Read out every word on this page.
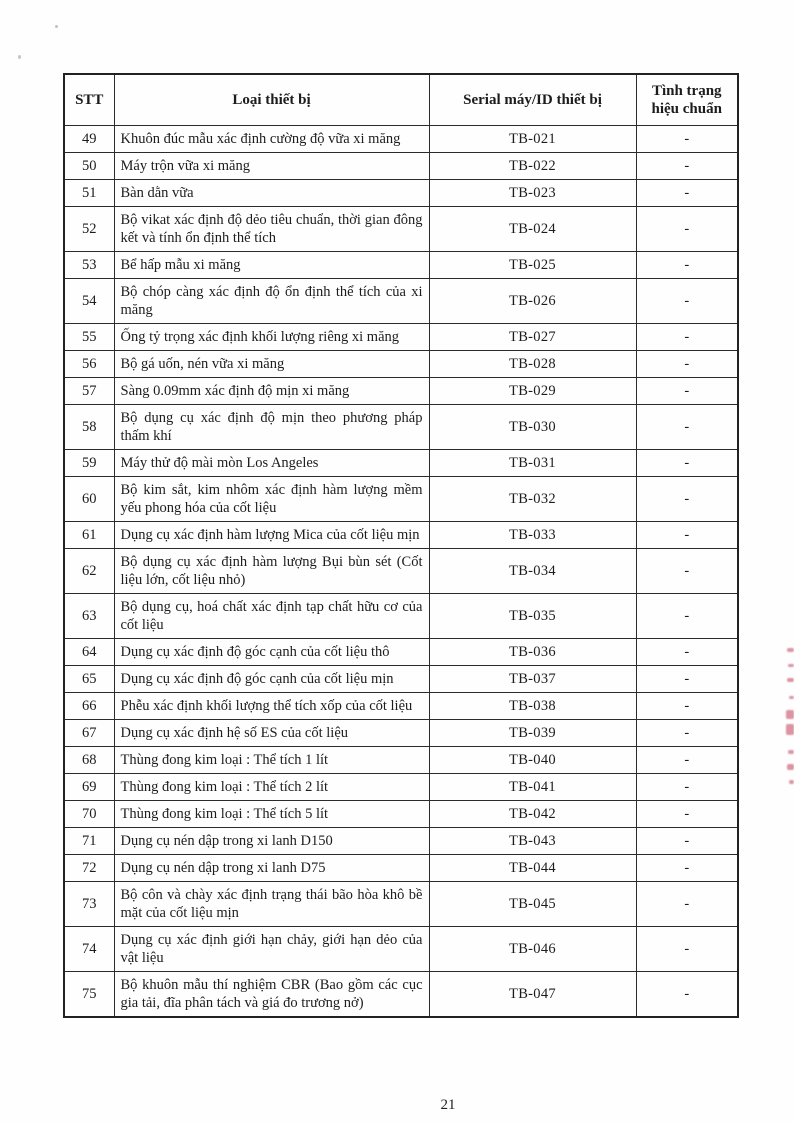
STT	Loại thiết bị	Serial máy/ID thiết bị	Tình trạng hiệu chuẩn
49	Khuôn đúc mẫu xác định cường độ vữa xi măng	TB-021	-
50	Máy trộn vữa xi măng	TB-022	-
51	Bàn dằn vữa	TB-023	-
52	Bộ vikat xác định độ dẻo tiêu chuẩn, thời gian đông kết và tính ổn định thể tích	TB-024	-
53	Bể hấp mẫu xi măng	TB-025	-
54	Bộ chóp càng xác định độ ổn định thể tích của xi măng	TB-026	-
55	Ống tỷ trọng xác định khối lượng riêng xi măng	TB-027	-
56	Bộ gá uốn, nén vữa xi măng	TB-028	-
57	Sàng 0.09mm xác định độ mịn xi măng	TB-029	-
58	Bộ dụng cụ xác định độ mịn theo phương pháp thấm khí	TB-030	-
59	Máy thử độ mài mòn Los Angeles	TB-031	-
60	Bộ kim sắt, kim nhôm xác định hàm lượng mềm yếu phong hóa của cốt liệu	TB-032	-
61	Dụng cụ xác định hàm lượng Mica của cốt liệu mịn	TB-033	-
62	Bộ dụng cụ xác định hàm lượng Bụi bùn sét (Cốt liệu lớn, cốt liệu nhỏ)	TB-034	-
63	Bộ dụng cụ, hoá chất xác định tạp chất hữu cơ của cốt liệu	TB-035	-
64	Dụng cụ xác định độ góc cạnh của cốt liệu thô	TB-036	-
65	Dụng cụ xác định độ góc cạnh của cốt liệu mịn	TB-037	-
66	Phễu xác định khối lượng thể tích xốp của cốt liệu	TB-038	-
67	Dụng cụ xác định hệ số ES của cốt liệu	TB-039	-
68	Thùng đong kim loại : Thể tích 1 lít	TB-040	-
69	Thùng đong kim loại : Thể tích 2 lít	TB-041	-
70	Thùng đong kim loại : Thể tích 5 lít	TB-042	-
71	Dụng cụ nén dập trong xi lanh D150	TB-043	-
72	Dụng cụ nén dập trong xi lanh D75	TB-044	-
73	Bộ côn và chày xác định trạng thái bão hòa khô bề mặt của cốt liệu mịn	TB-045	-
74	Dụng cụ xác định giới hạn chảy, giới hạn dẻo của vật liệu	TB-046	-
75	Bộ khuôn mẫu thí nghiệm CBR (Bao gồm các cục gia tải, đĩa phân tách và giá đo trương nở)	TB-047	-
21
